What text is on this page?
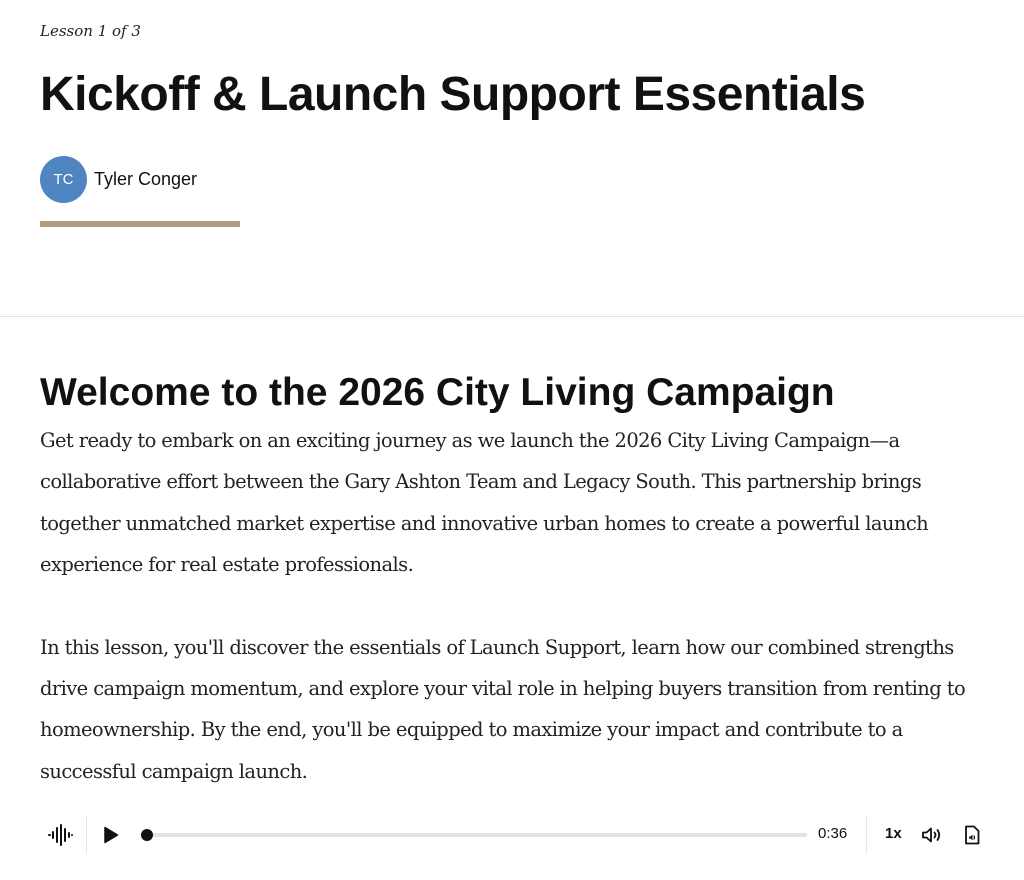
Lesson 1 of 3
Kickoff & Launch Support Essentials
TC	Tyler Conger
Welcome to the 2026 City Living Campaign

Get ready to embark on an exciting journey as we launch the 2026 City Living Campaign—a collaborative effort between the Gary Ashton Team and Legacy South. This partnership brings together unmatched market expertise and innovative urban homes to create a powerful launch experience for real estate professionals.

In this lesson, you'll discover the essentials of Launch Support, learn how our combined strengths drive campaign momentum, and explore your vital role in helping buyers transition from renting to homeownership. By the end, you'll be equipped to maximize your impact and contribute to a successful campaign launch.

0:36	1x
